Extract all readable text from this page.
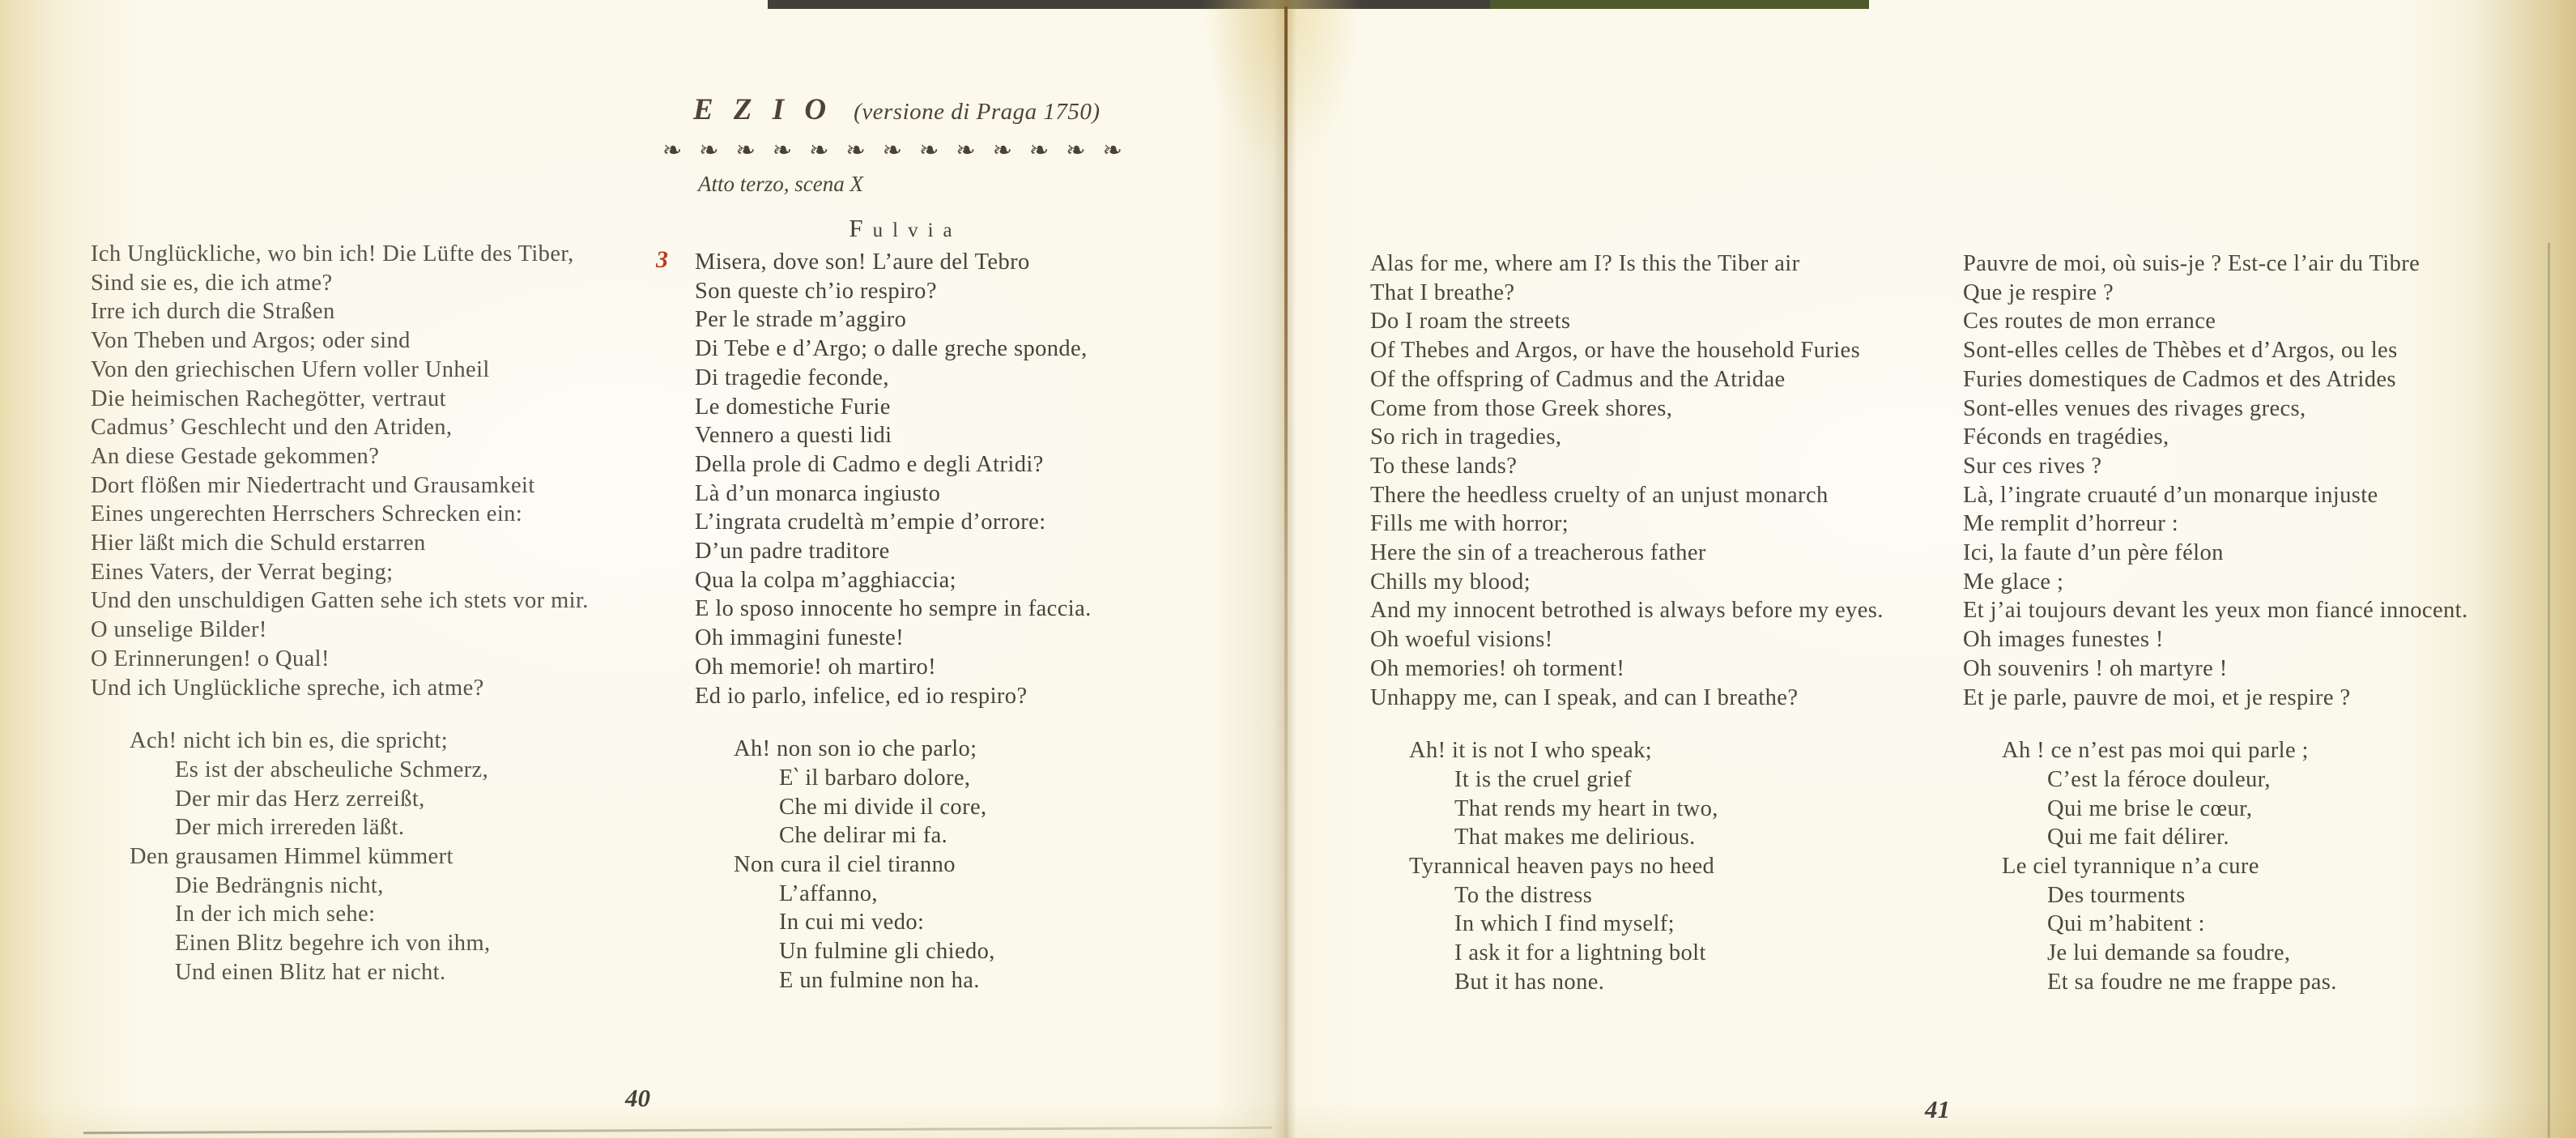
E Z I O (versione di Praga 1750)
❧❧❧❧❧❧❧❧❧❧❧❧❧
Atto terzo, scena X
Fulvia
3
Ich Unglückliche, wo bin ich! Die Lüfte des Tiber,
Sind sie es, die ich atme?
Irre ich durch die Straßen
Von Theben und Argos; oder sind
Von den griechischen Ufern voller Unheil
Die heimischen Rachegötter, vertraut
Cadmus’ Geschlecht und den Atriden,
An diese Gestade gekommen?
Dort flößen mir Niedertracht und Grausamkeit
Eines ungerechten Herrschers Schrecken ein:
Hier läßt mich die Schuld erstarren
Eines Vaters, der Verrat beging;
Und den unschuldigen Gatten sehe ich stets vor mir.
O unselige Bilder!
O Erinnerungen! o Qual!
Und ich Unglückliche spreche, ich atme?
Ach! nicht ich bin es, die spricht;
Es ist der abscheuliche Schmerz,
Der mir das Herz zerreißt,
Der mich irrereden läßt.
Den grausamen Himmel kümmert
Die Bedrängnis nicht,
In der ich mich sehe:
Einen Blitz begehre ich von ihm,
Und einen Blitz hat er nicht.
Misera, dove son! L’aure del Tebro
Son queste ch’io respiro?
Per le strade m’aggiro
Di Tebe e d’Argo; o dalle greche sponde,
Di tragedie feconde,
Le domestiche Furie
Vennero a questi lidi
Della prole di Cadmo e degli Atridi?
Là d’un monarca ingiusto
L’ingrata crudeltà m’empie d’orrore:
D’un padre traditore
Qua la colpa m’agghiaccia;
E lo sposo innocente ho sempre in faccia.
Oh immagini funeste!
Oh memorie! oh martiro!
Ed io parlo, infelice, ed io respiro?
Ah! non son io che parlo;
E‵ il barbaro dolore,
Che mi divide il core,
Che delirar mi fa.
Non cura il ciel tiranno
L’affanno,
In cui mi vedo:
Un fulmine gli chiedo,
E un fulmine non ha.
Alas for me, where am I? Is this the Tiber air
That I breathe?
Do I roam the streets
Of Thebes and Argos, or have the household Furies
Of the offspring of Cadmus and the Atridae
Come from those Greek shores,
So rich in tragedies,
To these lands?
There the heedless cruelty of an unjust monarch
Fills me with horror;
Here the sin of a treacherous father
Chills my blood;
And my innocent betrothed is always before my eyes.
Oh woeful visions!
Oh memories! oh torment!
Unhappy me, can I speak, and can I breathe?
Ah! it is not I who speak;
It is the cruel grief
That rends my heart in two,
That makes me delirious.
Tyrannical heaven pays no heed
To the distress
In which I find myself;
I ask it for a lightning bolt
But it has none.
Pauvre de moi, où suis-je ? Est-ce l’air du Tibre
Que je respire ?
Ces routes de mon errance
Sont-elles celles de Thèbes et d’Argos, ou les
Furies domestiques de Cadmos et des Atrides
Sont-elles venues des rivages grecs,
Féconds en tragédies,
Sur ces rives ?
Là, l’ingrate cruauté d’un monarque injuste
Me remplit d’horreur :
Ici, la faute d’un père félon
Me glace ;
Et j’ai toujours devant les yeux mon fiancé innocent.
Oh images funestes !
Oh souvenirs ! oh martyre !
Et je parle, pauvre de moi, et je respire ?
Ah ! ce n’est pas moi qui parle ;
C’est la féroce douleur,
Qui me brise le cœur,
Qui me fait délirer.
Le ciel tyrannique n’a cure
Des tourments
Qui m’habitent :
Je lui demande sa foudre,
Et sa foudre ne me frappe pas.
40	41
